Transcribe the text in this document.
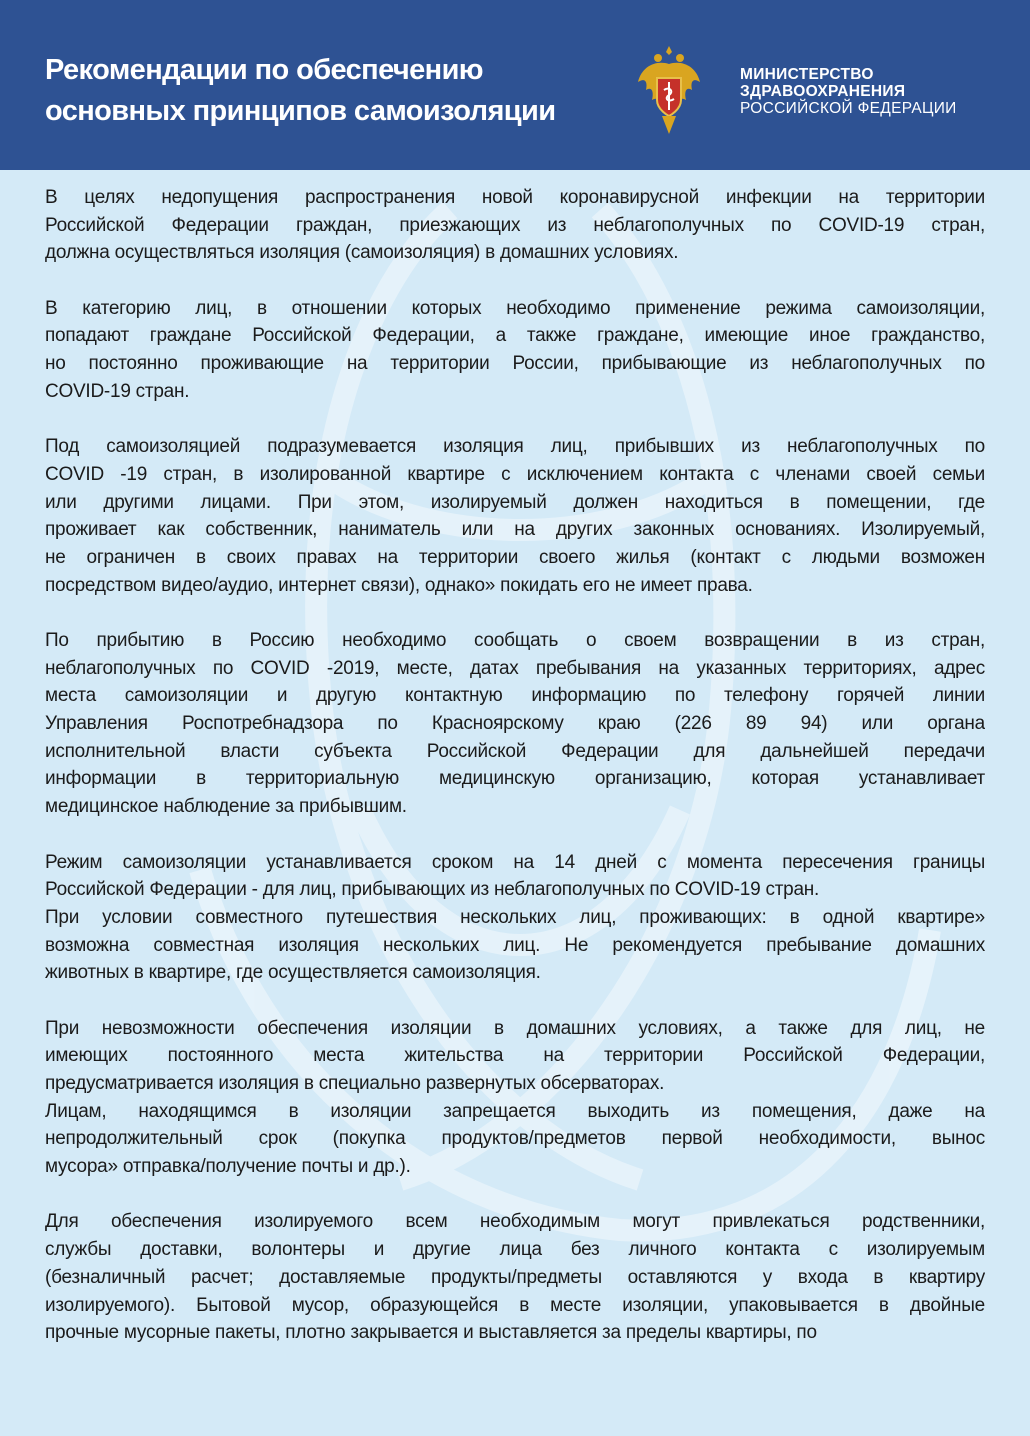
Рекомендации по обеспечению
основных принципов самоизоляции
МИНИСТЕРСТВО
ЗДРАВООХРАНЕНИЯ
РОССИЙСКОЙ ФЕДЕРАЦИИ
В целях недопущения распространения новой коронавирусной инфекции на территории
Российской Федерации граждан, приезжающих из неблагополучных по COVID-19 стран,
должна осуществляться изоляция (самоизоляция) в домашних условиях.
В категорию лиц, в отношении которых необходимо применение режима самоизоляции,
попадают граждане Российской Федерации, а также граждане, имеющие иное гражданство,
но постоянно проживающие на территории России, прибывающие из неблагополучных по
COVID-19 стран.
Под самоизоляцией подразумевается изоляция лиц, прибывших из неблагополучных по
COVID -19 стран, в изолированной квартире с исключением контакта с членами своей семьи
или другими лицами. При этом, изолируемый должен находиться в помещении, где
проживает как собственник, наниматель или на других законных основаниях. Изолируемый,
не ограничен в своих правах на территории своего жилья (контакт с людьми возможен
посредством видео/аудио, интернет связи), однако» покидать его не имеет права.
По прибытию в Россию необходимо сообщать о своем возвращении в из стран,
неблагополучных по COVID -2019, месте, датах пребывания на указанных территориях, адрес
места самоизоляции и другую контактную информацию по телефону горячей линии
Управления Роспотребнадзора по Красноярскому краю (226 89 94) или органа
исполнительной власти субъекта Российской Федерации для дальнейшей передачи
информации в территориальную медицинскую организацию, которая устанавливает
медицинское наблюдение за прибывшим.
Режим самоизоляции устанавливается сроком на 14 дней с момента пересечения границы
Российской Федерации - для лиц, прибывающих из неблагополучных по COVID-19 стран.
При условии совместного путешествия нескольких лиц, проживающих: в одной квартире»
возможна совместная изоляция нескольких лиц. Не рекомендуется пребывание домашних
животных в квартире, где осуществляется самоизоляция.
При невозможности обеспечения изоляции в домашних условиях, а также для лиц, не
имеющих постоянного места жительства на территории Российской Федерации,
предусматривается изоляция в специально развернутых обсерваторах.
Лицам, находящимся в изоляции запрещается выходить из помещения, даже на
непродолжительный срок (покупка продуктов/предметов первой необходимости, вынос
мусора» отправка/получение почты и др.).
Для обеспечения изолируемого всем необходимым могут привлекаться родственники,
службы доставки, волонтеры и другие лица без личного контакта с изолируемым
(безналичный расчет; доставляемые продукты/предметы оставляются у входа в квартиру
изолируемого). Бытовой мусор, образующейся в месте изоляции, упаковывается в двойные
прочные мусорные пакеты, плотно закрывается и выставляется за пределы квартиры, по
